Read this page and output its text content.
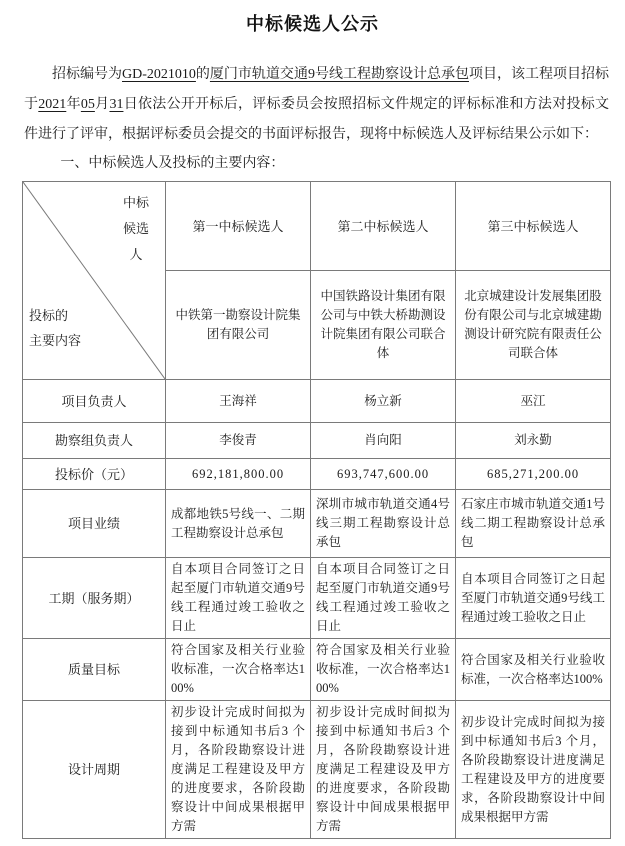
中标候选人公示

招标编号为GD-2021010的厦门市轨道交通9号线工程勘察设计总承包项目，该工程项目招标于2021年05月31日依法公开开标后，评标委员会按照招标文件规定的评标标准和方法对投标文件进行了评审，根据评标委员会提交的书面评标报告，现将中标候选人及评标结果公示如下：

一、中标候选人及投标的主要内容：

中标
候选
人
投标的
主要内容	第一中标候选人	第二中标候选人	第三中标候选人
	中铁第一勘察设计院集团有限公司	中国铁路设计集团有限公司与中铁大桥勘测设计院集团有限公司联合体	北京城建设计发展集团股份有限公司与北京城建勘测设计研究院有限责任公司联合体
项目负责人	王海祥	杨立新	巫江
勘察组负责人	李俊青	肖向阳	刘永勤
投标价（元）	692,181,800.00	693,747,600.00	685,271,200.00
项目业绩	成都地铁5号线一、二期工程勘察设计总承包	深圳市城市轨道交通4号线三期工程勘察设计总承包	石家庄市城市轨道交通1号线二期工程勘察设计总承包
工期（服务期）	自本项目合同签订之日起至厦门市轨道交通9号线工程通过竣工验收之日止	自本项目合同签订之日起至厦门市轨道交通9号线工程通过竣工验收之日止	自本项目合同签订之日起至厦门市轨道交通9号线工程通过竣工验收之日止
质量目标	符合国家及相关行业验收标准，一次合格率达100%	符合国家及相关行业验收标准，一次合格率达100%	符合国家及相关行业验收标准，一次合格率达100%
设计周期	初步设计完成时间拟为接到中标通知书后3 个月，各阶段勘察设计进度满足工程建设及甲方的进度要求，各阶段勘察设计中间成果根据甲方需	初步设计完成时间拟为接到中标通知书后3 个月，各阶段勘察设计进度满足工程建设及甲方的进度要求，各阶段勘察设计中间成果根据甲方需	初步设计完成时间拟为接到中标通知书后3 个月，各阶段勘察设计进度满足工程建设及甲方的进度要求，各阶段勘察设计中间成果根据甲方需
